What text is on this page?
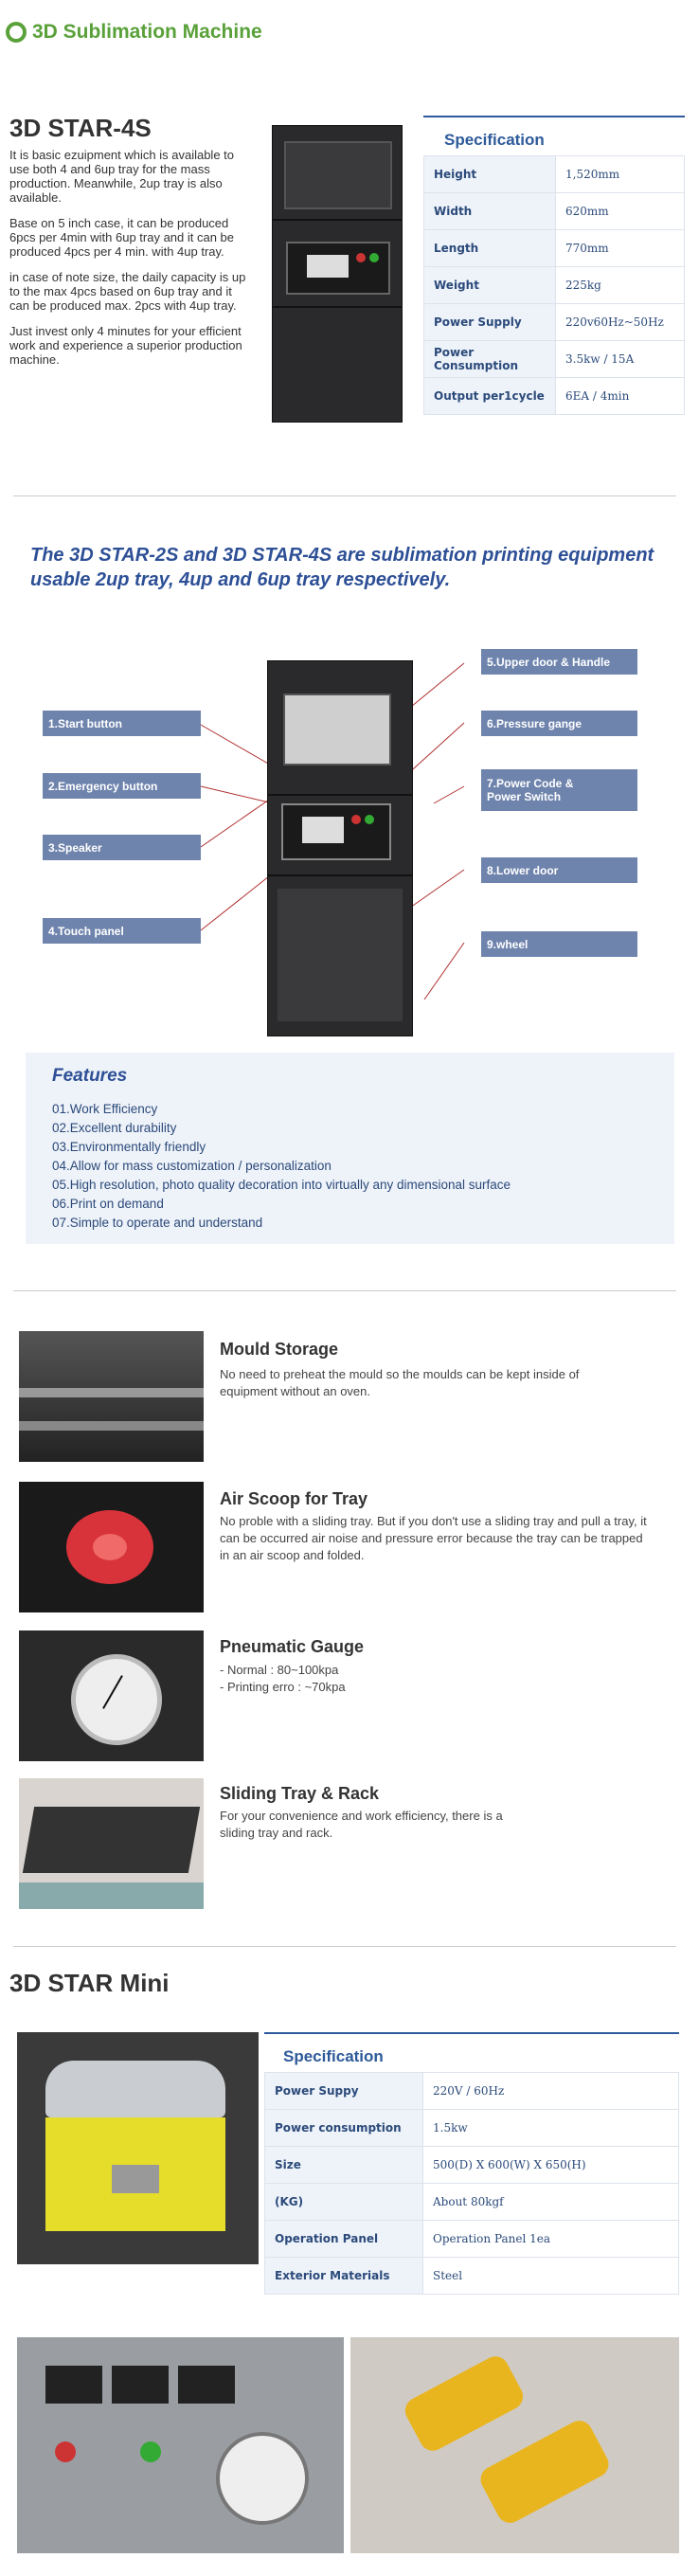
3D Sublimation Machine
3D STAR-4S

It is basic ezuipment which is available to use both 4 and 6up tray for the mass production. Meanwhile, 2up tray is also available.

Base on 5 inch case, it can be produced 6pcs per 4min with 6up tray and it can be produced 4pcs per 4 min. with 4up tray.

in case of note size, the daily capacity is up to the max 4pcs based on 6up tray and it can be produced max. 2pcs with 4up tray.

Just invest only 4 minutes for your efficient work and experience a superior production machine.

Specification
Height	1,520mm
Width	620mm
Length	770mm
Weight	225kg
Power Supply	220v60Hz~50Hz
Power Consumption	3.5kw / 15A
Output per1cycle	6EA / 4min
The 3D STAR-2S and 3D STAR-4S are sublimation printing equipment usable 2up tray, 4up and 6up tray respectively.
1.Start button
2.Emergency button
3.Speaker
4.Touch panel
5.Upper door & Handle
6.Pressure gange
7.Power Code & Power Switch
8.Lower door
9.wheel
Features
01.Work Efficiency
02.Excellent durability
03.Environmentally friendly
04.Allow for mass customization / personalization
05.High resolution, photo quality decoration into virtually any dimensional surface
06.Print on demand
07.Simple to operate and understand
Mould Storage
No need to preheat the mould so the moulds can be kept inside of equipment without an oven.
Air Scoop for Tray
No proble with a sliding tray. But if you don't use a sliding tray and pull a tray, it can be occurred air noise and pressure error because the tray can be trapped in an air scoop and folded.
Pneumatic Gauge
- Normal : 80~100kpa
- Printing erro : ~70kpa
Sliding Tray & Rack
For your convenience and work efficiency, there is a sliding tray and rack.
3D STAR Mini
Specification
Power Suppy	220V / 60Hz
Power consumption	1.5kw
Size	500(D) X 600(W) X 650(H)
(KG)	About 80kgf
Operation Panel	Operation Panel 1ea
Exterior Materials	Steel
